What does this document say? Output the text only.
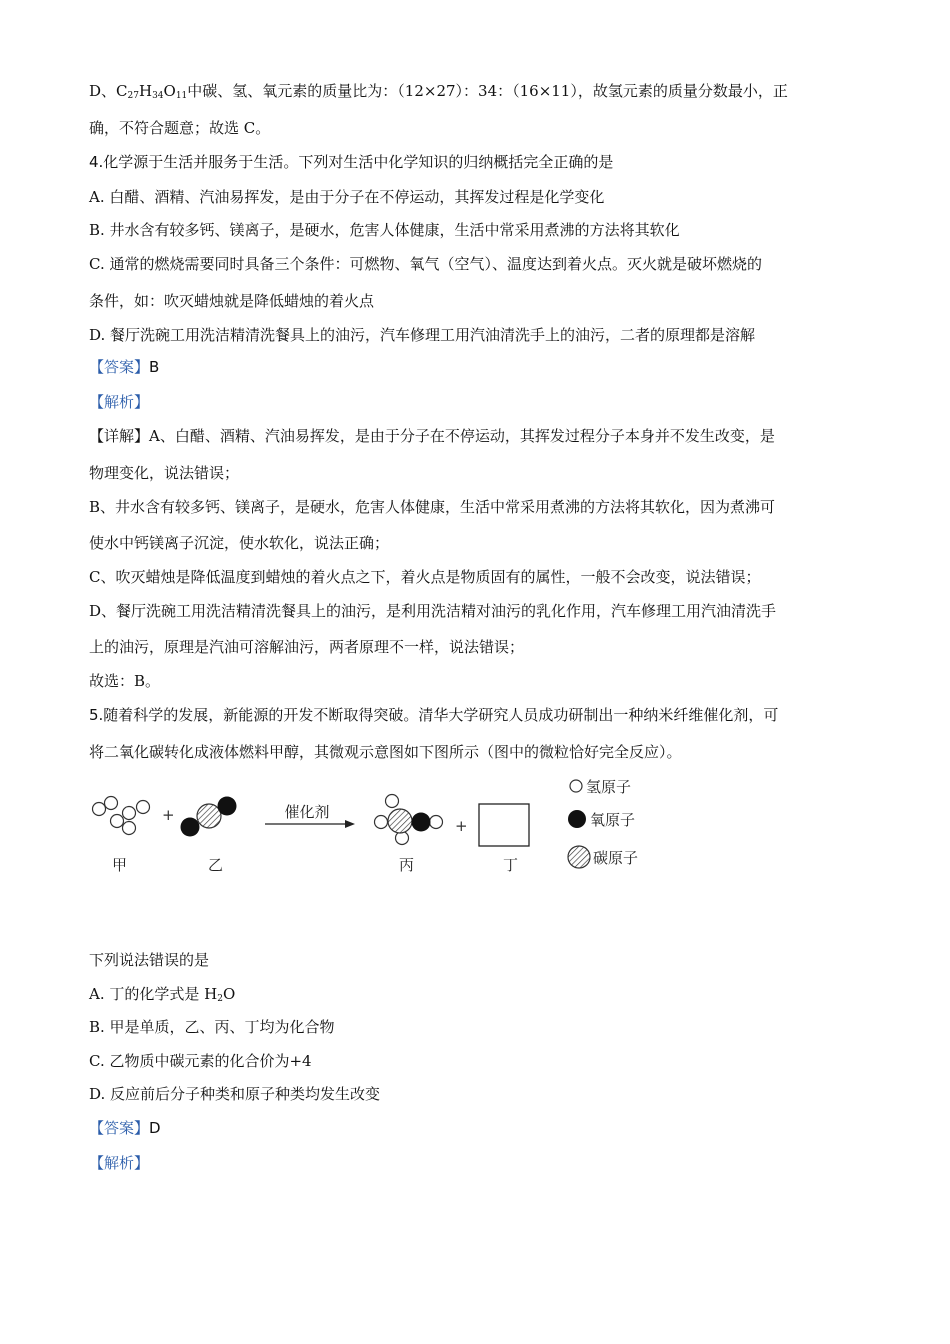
D、$C_{27}H_{34}O_{11}$中碳、氢、氧元素的质量比为：（12×27）：34：（16×11），故氢元素的质量分数最小，正
确，不符合题意；故选 C。
4.化学源于生活并服务于生活。下列对生活中化学知识的归纳概括完全正确的是
A. 白醋、酒精、汽油易挥发，是由于分子在不停运动，其挥发过程是化学变化
B. 井水含有较多钙、镁离子，是硬水，危害人体健康，生活中常采用煮沸的方法将其软化
C. 通常的燃烧需要同时具备三个条件：可燃物、氧气（空气）、温度达到着火点。灭火就是破坏燃烧的
条件，如：吹灭蜡烛就是降低蜡烛的着火点
D. 餐厅洗碗工用洗洁精清洗餐具上的油污，汽车修理工用汽油清洗手上的油污，二者的原理都是溶解
【答案】B
【解析】
【详解】A、白醋、酒精、汽油易挥发，是由于分子在不停运动，其挥发过程分子本身并不发生改变，是
物理变化，说法错误；
B、井水含有较多钙、镁离子，是硬水，危害人体健康，生活中常采用煮沸的方法将其软化，因为煮沸可
使水中钙镁离子沉淀，使水软化，说法正确；
C、吹灭蜡烛是降低温度到蜡烛的着火点之下，着火点是物质固有的属性，一般不会改变，说法错误；
D、餐厅洗碗工用洗洁精清洗餐具上的油污，是利用洗洁精对油污的乳化作用，汽车修理工用汽油清洗手
上的油污，原理是汽油可溶解油污，两者原理不一样，说法错误；
故选：B。
5.随着科学的发展，新能源的开发不断取得突破。清华大学研究人员成功研制出一种纳米纤维催化剂，可
将二氧化碳转化成液体燃料甲醇，其微观示意图如下图所示（图中的微粒恰好完全反应）。
+	催化剂
+
氢原子
氧原子
碳原子
甲	乙	丙	丁
下列说法错误的是
A. 丁的化学式是 $H_2O$
B. 甲是单质，乙、丙、丁均为化合物
C. 乙物质中碳元素的化合价为+4
D. 反应前后分子种类和原子种类均发生改变
【答案】D
【解析】
